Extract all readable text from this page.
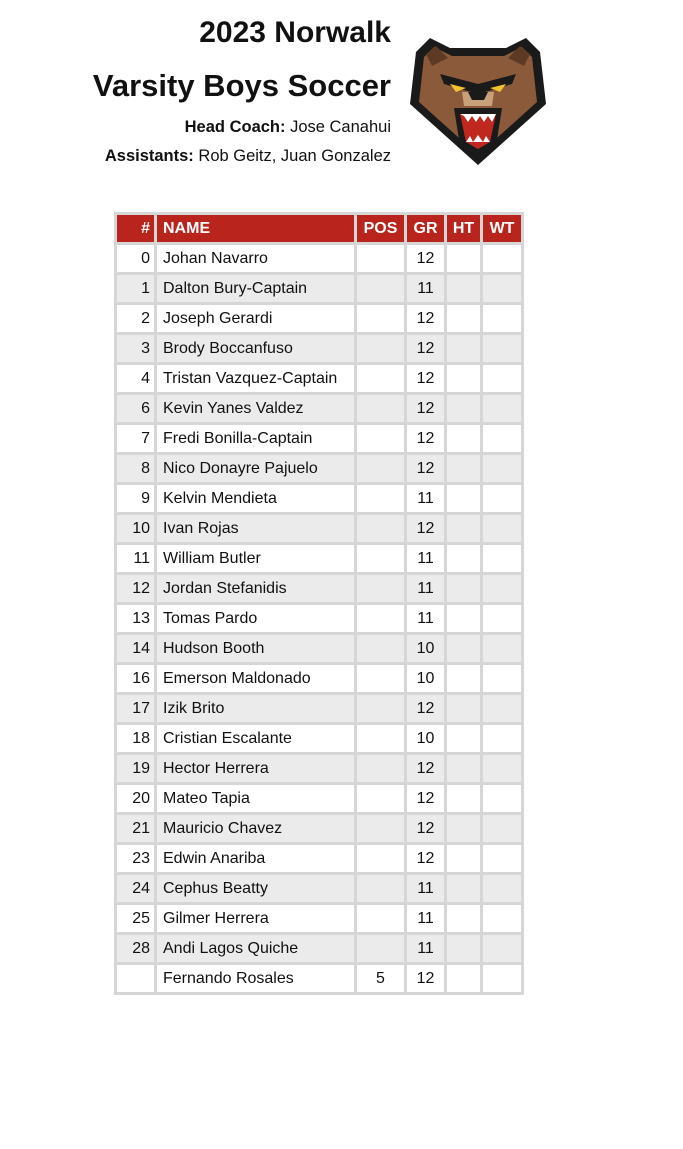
2023 Norwalk
Varsity Boys Soccer
Head Coach: Jose Canahui
Assistants: Rob Geitz, Juan Gonzalez
#	NAME	POS	GR	HT	WT
0	Johan Navarro		12		
1	Dalton Bury-Captain		11		
2	Joseph Gerardi		12		
3	Brody Boccanfuso		12		
4	Tristan Vazquez-Captain		12		
6	Kevin Yanes Valdez		12		
7	Fredi Bonilla-Captain		12		
8	Nico Donayre Pajuelo		12		
9	Kelvin Mendieta		11		
10	Ivan Rojas		12		
11	William Butler		11		
12	Jordan Stefanidis		11		
13	Tomas Pardo		11		
14	Hudson Booth		10		
16	Emerson Maldonado		10		
17	Izik Brito		12		
18	Cristian Escalante		10		
19	Hector Herrera		12		
20	Mateo Tapia		12		
21	Mauricio Chavez		12		
23	Edwin Anariba		12		
24	Cephus Beatty		11		
25	Gilmer Herrera		11		
28	Andi Lagos Quiche		11		
	Fernando Rosales	5	12		
